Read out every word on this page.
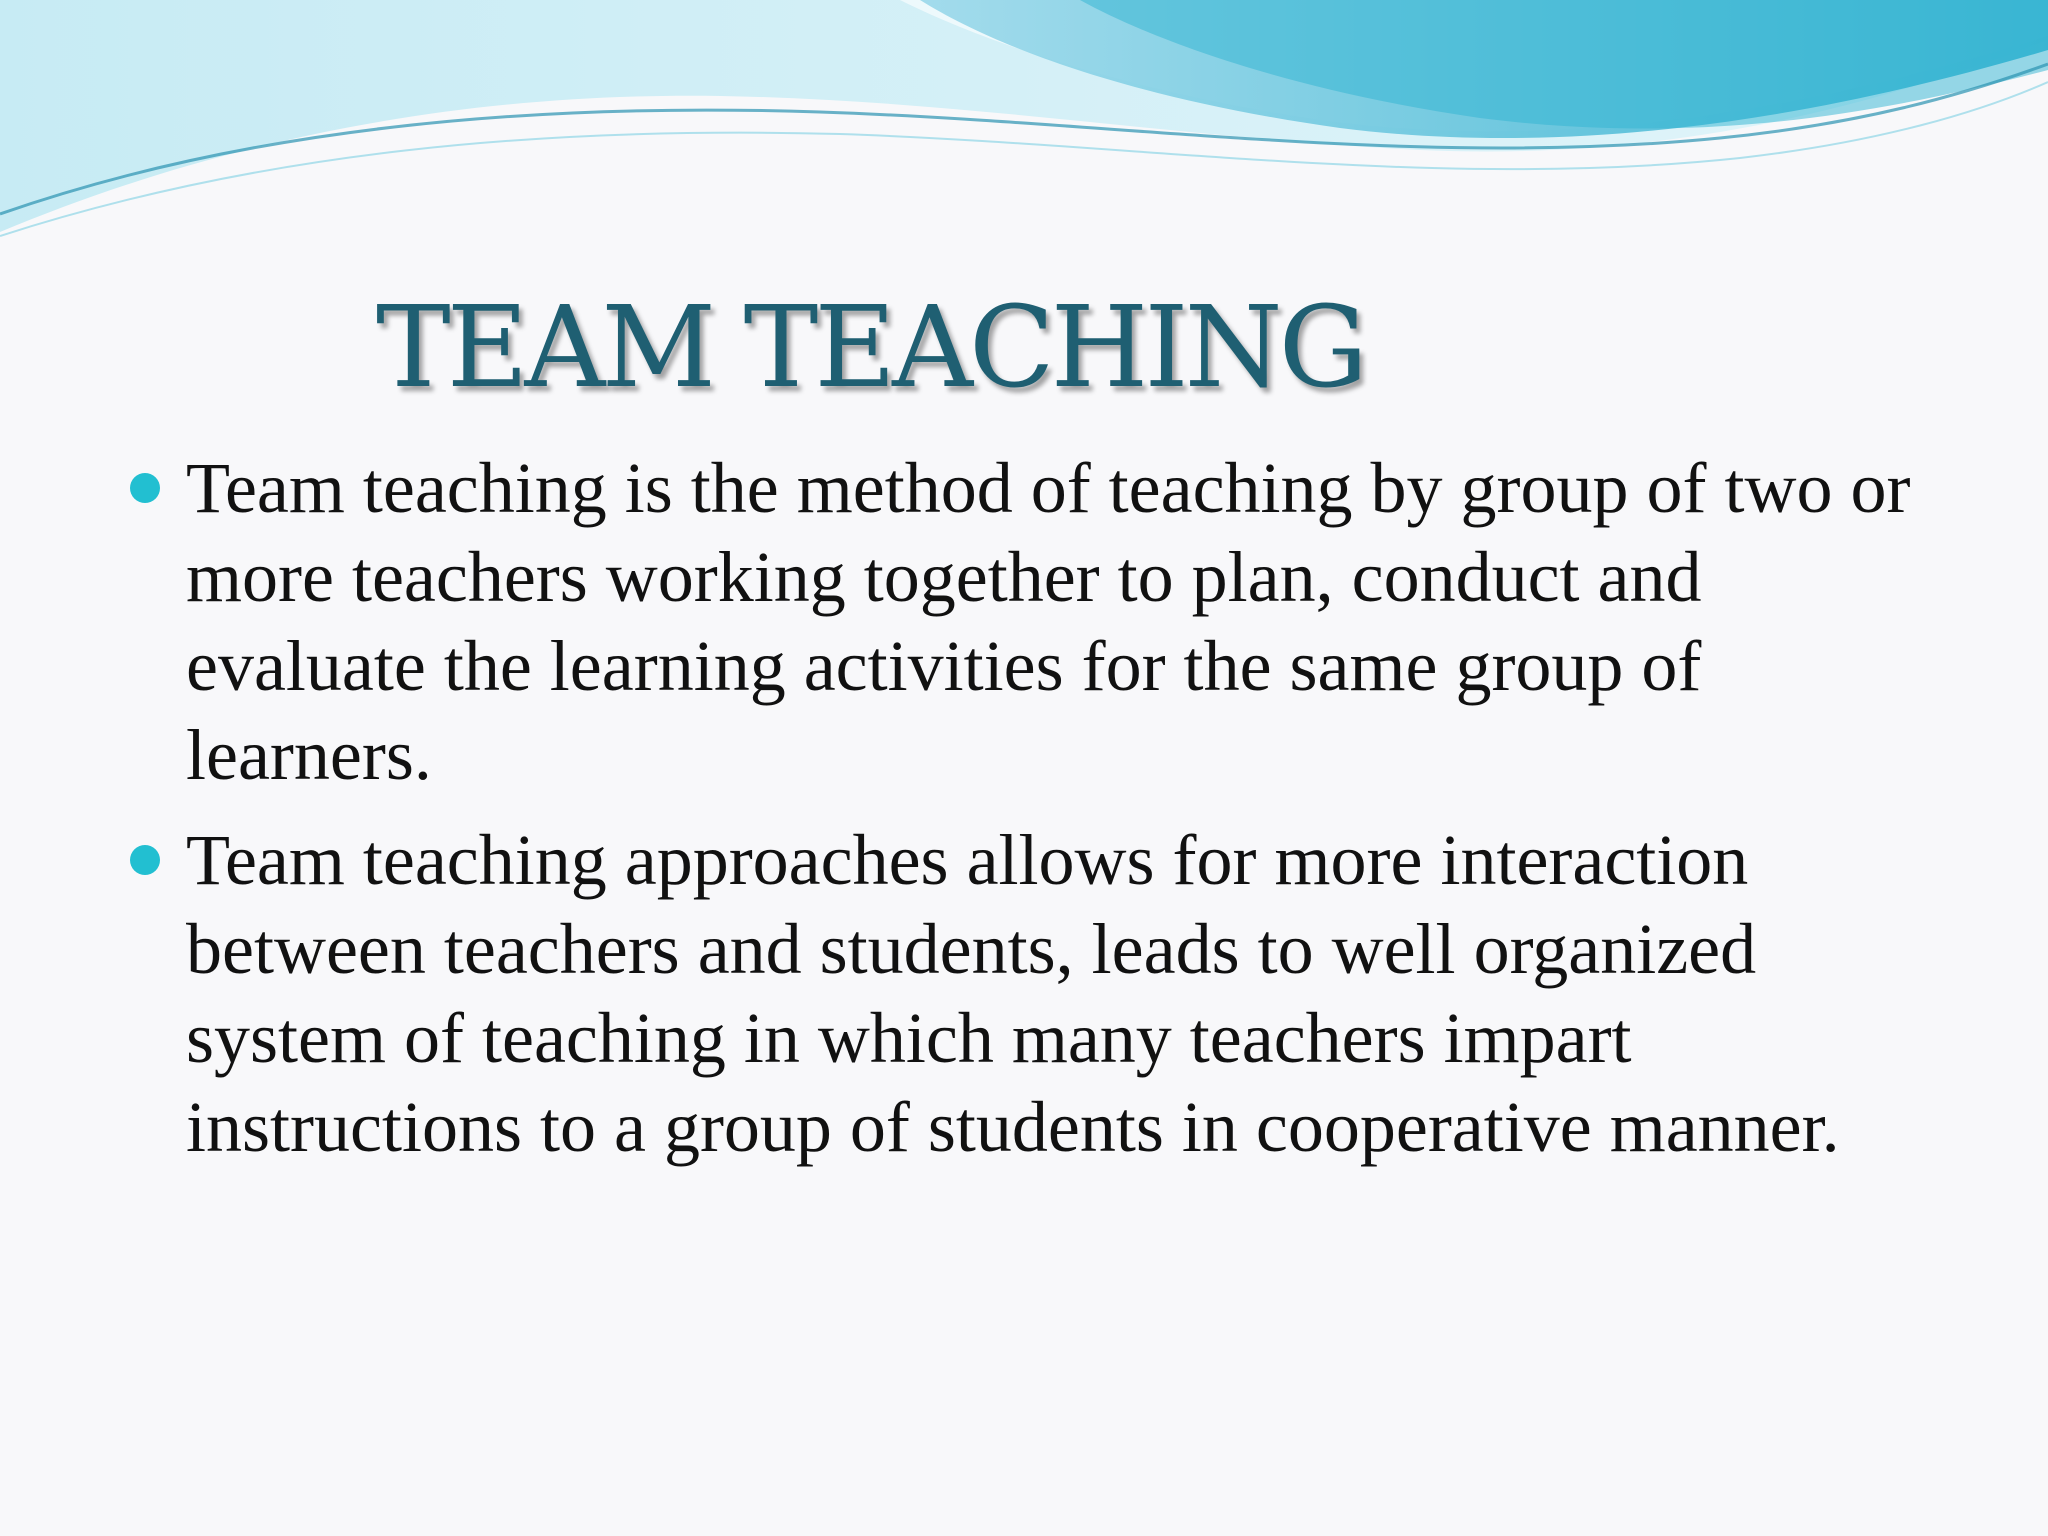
TEAM TEACHING
Team teaching is the method of teaching by group of two or more teachers working together to plan, conduct and evaluate the learning activities for the same group of learners.
Team teaching approaches allows for more interaction between teachers and students, leads to well organized system of teaching in which many teachers impart instructions to a group of students in cooperative manner.
